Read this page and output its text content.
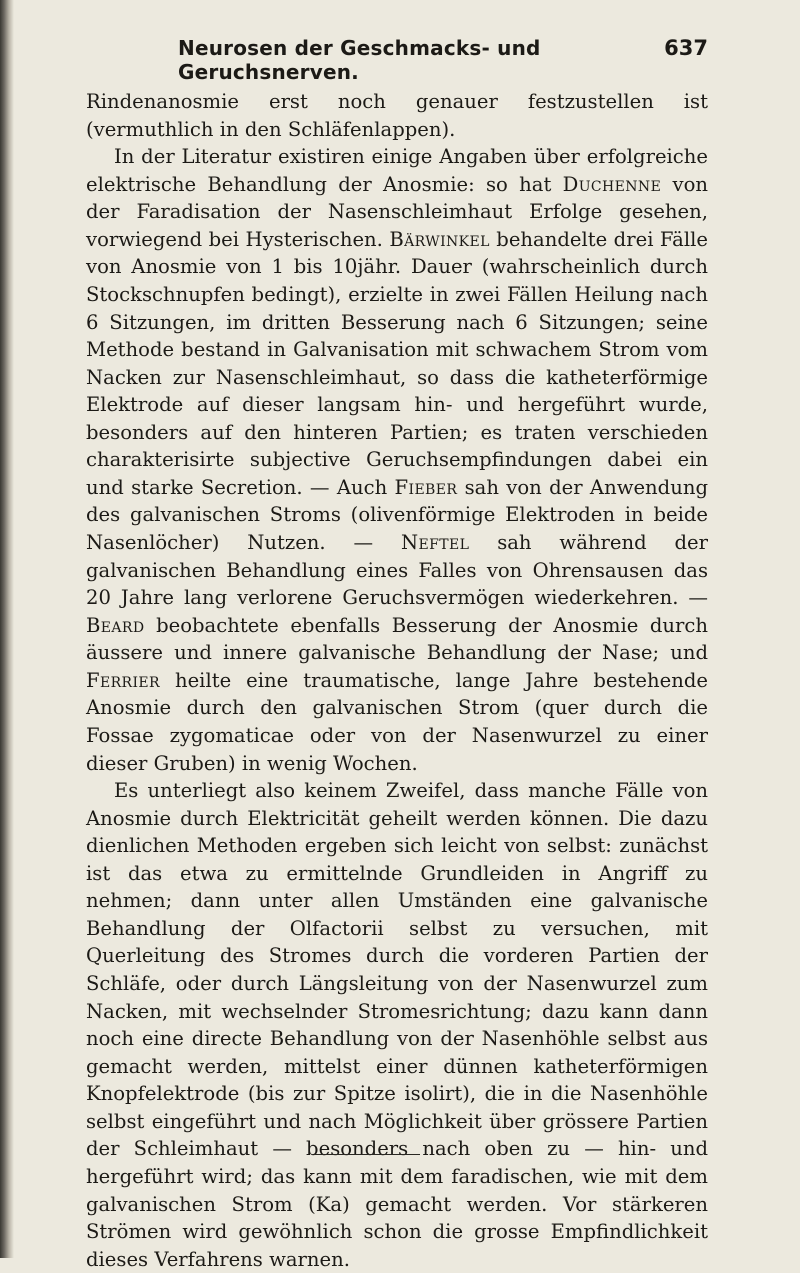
Neurosen der Geschmacks- und Geruchsnerven.
637

Rindenanosmie erst noch genauer festzustellen ist (vermuthlich in den Schläfenlappen).

In der Literatur existiren einige Angaben über erfolgreiche elektrische Behandlung der Anosmie: so hat Duchenne von der Faradisation der Nasenschleimhaut Erfolge gesehen, vorwiegend bei Hysterischen. Bärwinkel behandelte drei Fälle von Anosmie von 1 bis 10jähr. Dauer (wahrscheinlich durch Stockschnupfen bedingt), erzielte in zwei Fällen Heilung nach 6 Sitzungen, im dritten Besserung nach 6 Sitzungen; seine Methode bestand in Galvanisation mit schwachem Strom vom Nacken zur Nasenschleimhaut, so dass die katheterförmige Elektrode auf dieser langsam hin- und hergeführt wurde, besonders auf den hinteren Partien; es traten verschieden charakterisirte subjective Geruchsempfindungen dabei ein und starke Secretion. — Auch Fieber sah von der Anwendung des galvanischen Stroms (olivenförmige Elektroden in beide Nasenlöcher) Nutzen. — Neftel sah während der galvanischen Behandlung eines Falles von Ohrensausen das 20 Jahre lang verlorene Geruchsvermögen wiederkehren. — Beard beobachtete ebenfalls Besserung der Anosmie durch äussere und innere galvanische Behandlung der Nase; und Ferrier heilte eine traumatische, lange Jahre bestehende Anosmie durch den galvanischen Strom (quer durch die Fossae zygomaticae oder von der Nasenwurzel zu einer dieser Gruben) in wenig Wochen.

Es unterliegt also keinem Zweifel, dass manche Fälle von Anosmie durch Elektricität geheilt werden können. Die dazu dienlichen Methoden ergeben sich leicht von selbst: zunächst ist das etwa zu ermittelnde Grundleiden in Angriff zu nehmen; dann unter allen Umständen eine galvanische Behandlung der Olfactorii selbst zu versuchen, mit Querleitung des Stromes durch die vorderen Partien der Schläfe, oder durch Längsleitung von der Nasenwurzel zum Nacken, mit wechselnder Stromesrichtung; dazu kann dann noch eine directe Behandlung von der Nasenhöhle selbst aus gemacht werden, mittelst einer dünnen katheterförmigen Knopfelektrode (bis zur Spitze isolirt), die in die Nasenhöhle selbst eingeführt und nach Möglichkeit über grössere Partien der Schleimhaut — besonders nach oben zu — hin- und hergeführt wird; das kann mit dem faradischen, wie mit dem galvanischen Strom (Ka) gemacht werden. Vor stärkeren Strömen wird gewöhnlich schon die grosse Empfindlichkeit dieses Verfahrens warnen.
